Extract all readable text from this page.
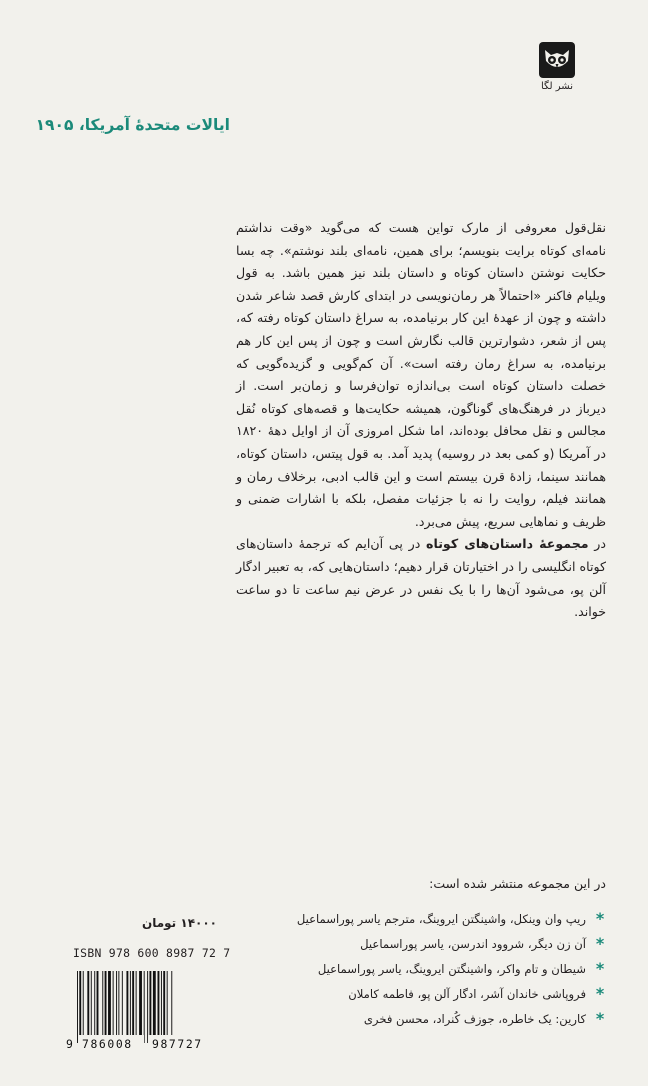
نشر لگا
ایالات متحدهٔ آمریکا، ۱۹۰۵

نقل‌قول معروفی از مارک تواین هست که می‌گوید «وقت نداشتم نامه‌ای کوتاه برایت بنویسم؛ برای همین، نامه‌ای بلند نوشتم». چه بسا حکایت نوشتن داستان کوتاه و داستان بلند نیز همین باشد. به قول ویلیام فاکنر «احتمالاً هر رمان‌نویسی در ابتدای کارش قصد شاعر شدن داشته و چون از عهدهٔ این کار برنیامده، به سراغ داستان کوتاه رفته که، پس از شعر، دشوارترین قالب نگارش است و چون از پس این کار هم برنیامده، به سراغ رمان رفته است». آن کم‌گویی و گزیده‌گویی که خصلت داستان کوتاه است بی‌اندازه توان‌فرسا و زمان‌بر است. از دیرباز در فرهنگ‌های گوناگون، همیشه حکایت‌ها و قصه‌های کوتاه نُقل مجالس و نقل محافل بوده‌اند، اما شکل امروزی آن از اوایل دههٔ ۱۸۲۰ در آمریکا (و کمی بعد در روسیه) پدید آمد. به قول پیتس، داستان کوتاه، همانند سینما، زادهٔ قرن بیستم است و این قالب ادبی، برخلاف رمان و همانند فیلم، روایت را نه با جزئیات مفصل، بلکه با اشارات ضمنی و ظریف و نماهایی سریع، پیش می‌برد.

در مجموعهٔ داستان‌های کوتاه در پی آن‌ایم که ترجمهٔ داستان‌های کوتاه انگلیسی را در اختیارتان قرار دهیم؛ داستان‌هایی که، به تعبیر ادگار آلن پو، می‌شود آن‌ها را با یک نفس در عرض نیم ساعت تا دو ساعت خواند.

در این مجموعه منتشر شده است:
*
ریپ وان وینکل، واشینگتن ایروینگ، مترجم یاسر پوراسماعیل
*
آن زن دیگر، شروود اندرسن، یاسر پوراسماعیل
*
شیطان و تام واکر، واشینگتن ایروینگ، یاسر پوراسماعیل
*
فروپاشی خاندان آشر، ادگار آلن پو، فاطمه کاملان
*
کارین: یک خاطره، جوزف کُنراد، محسن فخری
۱۴۰۰۰ تومان
ISBN 978 600 8987 72 7
9 786008 987727
